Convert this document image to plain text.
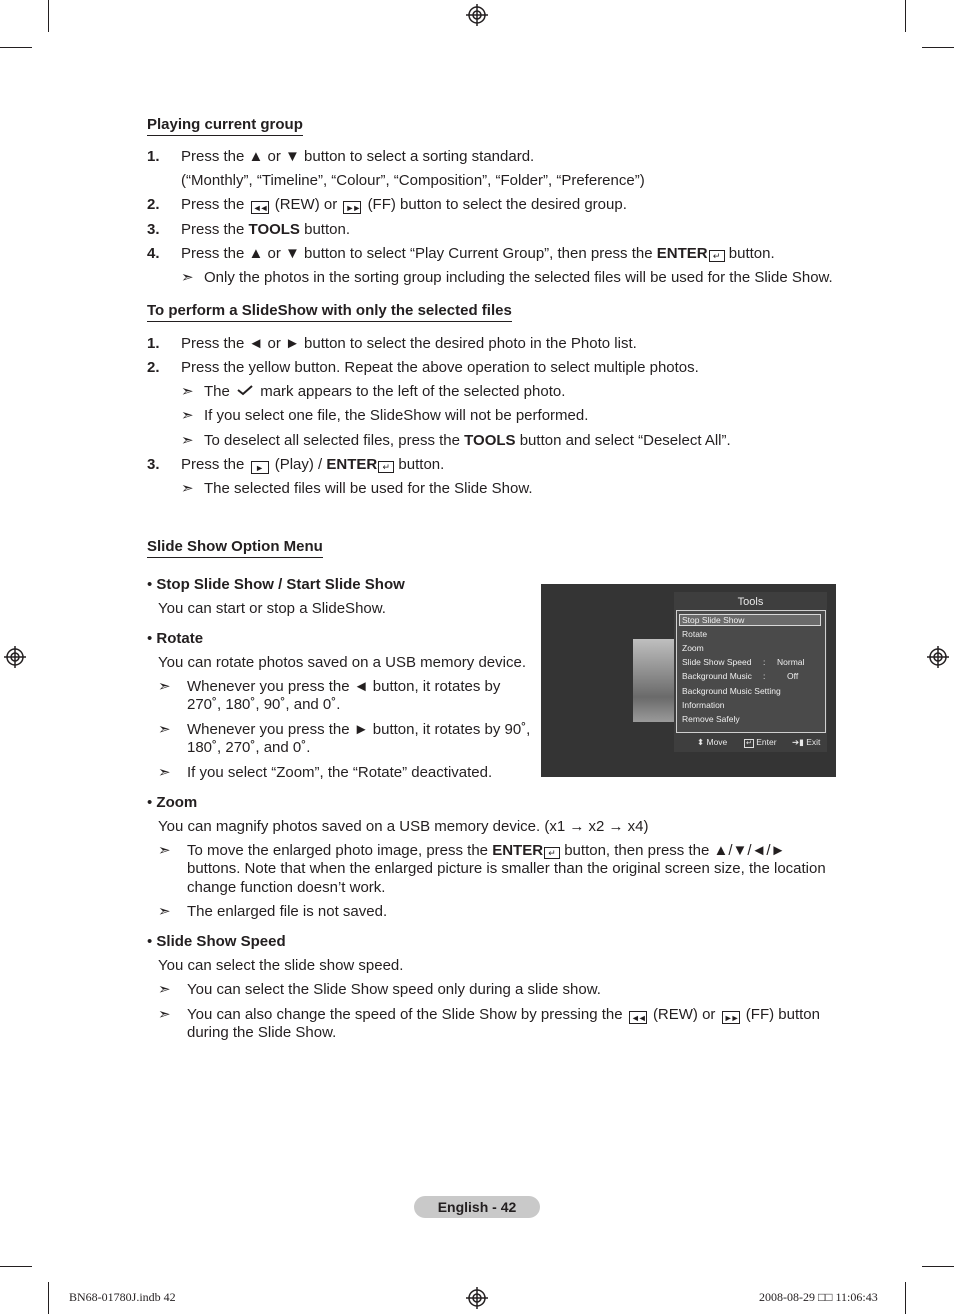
Playing current group
1. Press the ▲ or ▼ button to select a sorting standard.
(“Monthly”, “Timeline”, “Colour”, “Composition”, “Folder”, “Preference”)
2. Press the ◄◄ (REW) or ►► (FF) button to select the desired group.
3. Press the TOOLS button.
4. Press the ▲ or ▼ button to select “Play Current Group”, then press the ENTER ↵ button.
➣ Only the photos in the sorting group including the selected files will be used for the Slide Show.
To perform a SlideShow with only the selected files
1. Press the ◄ or ► button to select the desired photo in the Photo list.
2. Press the yellow button. Repeat the above operation to select multiple photos.
➣ The mark appears to the left of the selected photo.
➣ If you select one file, the SlideShow will not be performed.
➣ To deselect all selected files, press the TOOLS button and select “Deselect All”.
3. Press the ► (Play) / ENTER ↵ button.
➣ The selected files will be used for the Slide Show.
Slide Show Option Menu
• Stop Slide Show / Start Slide Show
You can start or stop a SlideShow.
• Rotate
You can rotate photos saved on a USB memory device.
➣ Whenever you press the ◄ button, it rotates by
270˚, 180˚, 90˚, and 0˚.
➣ Whenever you press the ► button, it rotates by 90˚,
180˚, 270˚, and 0˚.
➣ If you select “Zoom”, the “Rotate” deactivated.
Tools
Stop Slide Show
Rotate
Zoom
Slide Show Speed : Normal
Background Music :	Off
Background Music Setting
Information
Remove Safely
⬍ Move	↵ Enter ➔▮ Exit
• Zoom
You can magnify photos saved on a USB memory device. (x1 → x2 → x4)
➣ To move the enlarged photo image, press the ENTER ↵ button, then press the ▲/▼/◄/►
buttons. Note that when the enlarged picture is smaller than the original screen size, the location
change function doesn’t work.
➣ The enlarged file is not saved.
• Slide Show Speed
You can select the slide show speed.
➣ You can select the Slide Show speed only during a slide show.
➣ You can also change the speed of the Slide Show by pressing the ◄◄ (REW) or ►► (FF) button
during the Slide Show.
English - 42
BN68-01780J.indb 42	2008-08-29 □□ 11:06:43
